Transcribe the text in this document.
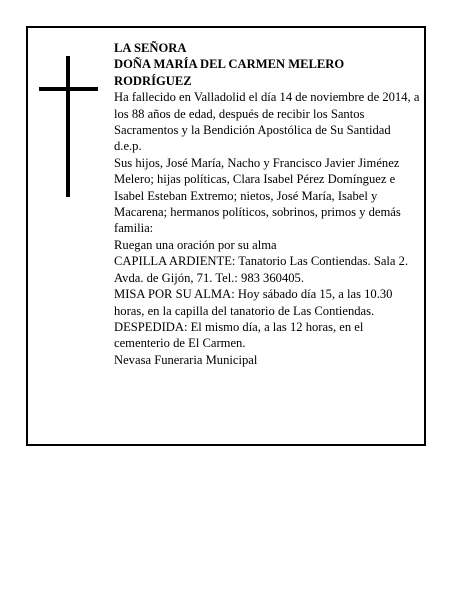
LA SEÑORA

DOÑA MARÍA DEL CARMEN MELERO RODRÍGUEZ

Ha fallecido en Valladolid el día 14 de noviembre de 2014, a los 88 años de edad, después de recibir los Santos Sacramentos y la Bendición Apostólica de Su Santidad

d.e.p.

Sus hijos, José María, Nacho y Francisco Javier Jiménez Melero; hijas políticas, Clara Isabel Pérez Domínguez e Isabel Esteban Extremo; nietos, José María, Isabel y Macarena; hermanos políticos, sobrinos, primos y demás familia:

Ruegan una oración por su alma

CAPILLA ARDIENTE: Tanatorio Las Contiendas. Sala 2. Avda. de Gijón, 71. Tel.: 983 360405.

MISA POR SU ALMA: Hoy sábado día 15, a las 10.30 horas, en la capilla del tanatorio de Las Contiendas.

DESPEDIDA: El mismo día, a las 12 horas, en el cementerio de El Carmen.

Nevasa Funeraria Municipal
